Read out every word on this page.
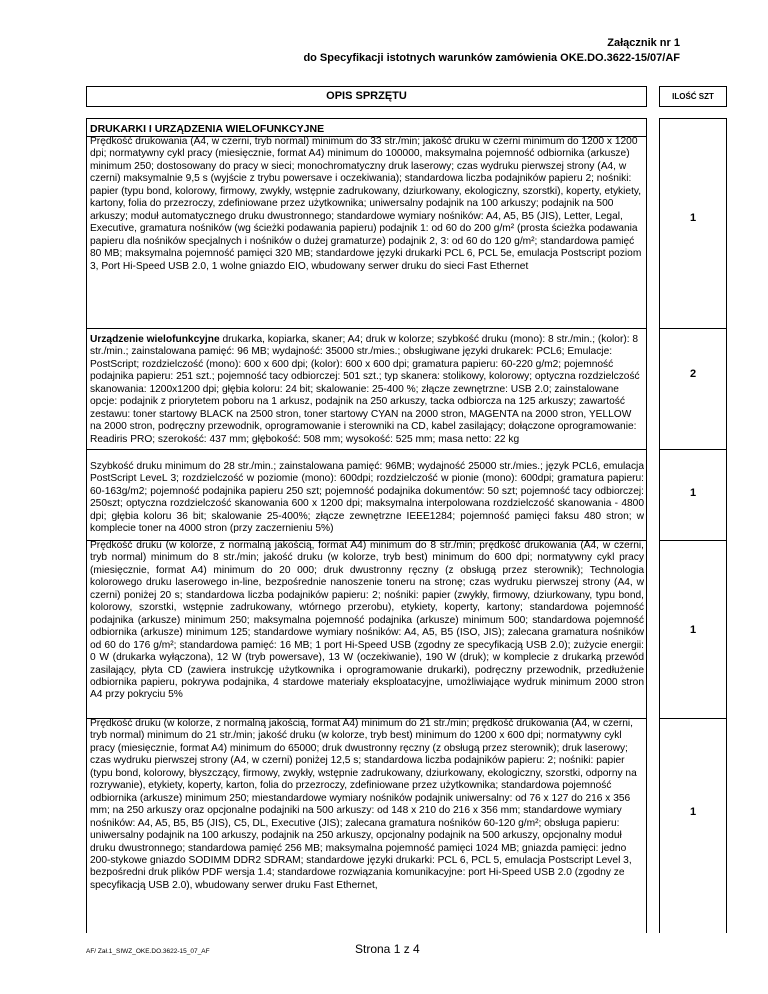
Załącznik nr 1
do Specyfikacji istotnych warunków zamówienia OKE.DO.3622-15/07/AF
OPIS SPRZĘTU	ILOŚĆ SZT
DRUKARKI I URZĄDZENIA WIELOFUNKCYJNE
Prędkość drukowania (A4, w czerni, tryb normal) minimum do 33 str./min; jakość druku w czerni minimum do 1200 x 1200 dpi; normatywny cykl pracy (miesięcznie, format A4) minimum do 100000, maksymalna pojemność odbiornika (arkusze) minimum 250; dostosowany do pracy w sieci; monochromatyczny druk laserowy; czas wydruku pierwszej strony (A4, w czerni) maksymalnie 9,5 s (wyjście z trybu powersave i oczekiwania); standardowa liczba podajników papieru 2; nośniki: papier (typu bond, kolorowy, firmowy, zwykły, wstępnie zadrukowany, dziurkowany, ekologiczny, szorstki), koperty, etykiety, kartony, folia do przezroczy, zdefiniowane przez użytkownika; uniwersalny podajnik na 100 arkuszy; podajnik na 500 arkuszy; moduł automatycznego druku dwustronnego; standardowe wymiary nośników: A4, A5, B5 (JIS), Letter, Legal, Executive, gramatura nośników (wg ścieżki podawania papieru) podajnik 1: od 60 do 200 g/m² (prosta ścieżka podawania papieru dla nośników specjalnych i nośników o dużej gramaturze) podajnik 2, 3: od 60 do 120 g/m²; standardowa pamięć 80 MB; maksymalna pojemność pamięci 320 MB; standardowe języki drukarki PCL 6, PCL 5e, emulacja Postscript poziom 3, Port Hi-Speed USB 2.0, 1 wolne gniazdo EIO, wbudowany serwer druku do sieci Fast Ethernet
1
Urządzenie wielofunkcyjne drukarka, kopiarka, skaner; A4; druk w kolorze; szybkość druku (mono): 8 str./min.; (kolor): 8 str./min.; zainstalowana pamięć: 96 MB; wydajność: 35000 str./mies.; obsługiwane języki drukarek: PCL6; Emulacje: PostScript; rozdzielczość (mono): 600 x 600 dpi; (kolor): 600 x 600 dpi; gramatura papieru: 60-220 g/m2; pojemność podajnika papieru: 251 szt.; pojemność tacy odbiorczej: 501 szt.; typ skanera: stolikowy, kolorowy; optyczna rozdzielczość skanowania: 1200x1200 dpi; głębia koloru: 24 bit; skalowanie: 25-400 %; złącze zewnętrzne: USB 2.0; zainstalowane opcje: podajnik z priorytetem poboru na 1 arkusz, podajnik na 250 arkuszy, tacka odbiorcza na 125 arkuszy; zawartość zestawu: toner startowy BLACK na 2500 stron, toner startowy CYAN na 2000 stron, MAGENTA na 2000 stron, YELLOW na 2000 stron, podręczny przewodnik, oprogramowanie i sterowniki na CD, kabel zasilający; dołączone oprogramowanie: Readiris PRO; szerokość: 437 mm; głębokość: 508 mm; wysokość: 525 mm; masa netto: 22 kg
2
Szybkość druku minimum do 28 str./min.; zainstalowana pamięć: 96MB; wydajność 25000 str./mies.; język PCL6, emulacja PostScript LeveL 3; rozdzielczość w poziomie (mono): 600dpi; rozdzielczość w pionie (mono): 600dpi; gramatura papieru: 60-163g/m2; pojemność podajnika papieru 250 szt; pojemność podajnika dokumentów: 50 szt; pojemność tacy odbiorczej: 250szt; optyczna rozdzielczość skanowania 600 x 1200 dpi; maksymalna interpolowana rozdzielczość skanowania - 4800 dpi; głębia koloru 36 bit; skalowanie 25-400%; złącze zewnętrzne IEEE1284; pojemność pamięci faksu 480 stron; w komplecie toner na 4000 stron (przy zaczernieniu 5%)
1
Prędkość druku (w kolorze, z normalną jakością, format A4) minimum do 8 str./min; prędkość drukowania (A4, w czerni, tryb normal) minimum do 8 str./min; jakość druku (w kolorze, tryb best) minimum do 600 dpi; normatywny cykl pracy (miesięcznie, format A4) minimum do 20 000; druk dwustronny ręczny (z obsługą przez sterownik); Technologia kolorowego druku laserowego in-line, bezpośrednie nanoszenie toneru na stronę; czas wydruku pierwszej strony (A4, w czerni) poniżej 20 s; standardowa liczba podajników papieru: 2; nośniki: papier (zwykły, firmowy, dziurkowany, typu bond, kolorowy, szorstki, wstępnie zadrukowany, wtórnego przerobu), etykiety, koperty, kartony; standardowa pojemność podajnika (arkusze) minimum 250; maksymalna pojemność podajnika (arkusze) minimum 500; standardowa pojemność odbiornika (arkusze) minimum 125; standardowe wymiary nośników: A4, A5, B5 (ISO, JIS); zalecana gramatura nośników od 60 do 176 g/m²; standardowa pamięć: 16 MB; 1 port Hi-Speed USB (zgodny ze specyfikacją USB 2.0); zużycie energii: 0 W (drukarka wyłączona), 12 W (tryb powersave), 13 W (oczekiwanie), 190 W (druk); w komplecie z drukarką przewód zasilający, płyta CD (zawiera instrukcję użytkownika i oprogramowanie drukarki), podręczny przewodnik, przedłużenie odbiornika papieru, pokrywa podajnika, 4 stardowe materiały eksploatacyjne, umożliwiające wydruk minimum 2000 stron A4 przy pokryciu 5%
1
Prędkość druku (w kolorze, z normalną jakością, format A4) minimum do 21 str./min; prędkość drukowania (A4, w czerni, tryb normal) minimum do 21 str./min; jakość druku (w kolorze, tryb best) minimum do 1200 x 600 dpi; normatywny cykl pracy (miesięcznie, format A4) minimum do 65000; druk dwustronny ręczny (z obsługą przez sterownik); druk laserowy; czas wydruku pierwszej strony (A4, w czerni) poniżej 12,5 s; standardowa liczba podajników papieru: 2; nośniki: papier (typu bond, kolorowy, błyszczący, firmowy, zwykły, wstępnie zadrukowany, dziurkowany, ekologiczny, szorstki, odporny na rozrywanie), etykiety, koperty, karton, folia do przezroczy, zdefiniowane przez użytkownika; standardowa pojemność odbiornika (arkusze) minimum 250; miestandardowe wymiary nośników podajnik uniwersalny: od 76 x 127 do 216 x 356 mm; na 250 arkuszy oraz opcjonalne podajniki na 500 arkuszy: od 148 x 210 do 216 x 356 mm; standardowe wymiary nośników: A4, A5, B5, B5 (JIS), C5, DL, Executive (JIS); zalecana gramatura nośników 60-120 g/m²; obsługa papieru: uniwersalny podajnik na 100 arkuszy, podajnik na 250 arkuszy, opcjonalny podajnik na 500 arkuszy, opcjonalny moduł druku dwustronnego; standardowa pamięć 256 MB; maksymalna pojemność pamięci 1024 MB; gniazda pamięci: jedno 200-stykowe gniazdo SODIMM DDR2 SDRAM; standardowe języki drukarki: PCL 6, PCL 5, emulacja Postscript Level 3, bezpośredni druk plików PDF wersja 1.4; standardowe rozwiązania komunikacyjne: port Hi-Speed USB 2.0 (zgodny ze specyfikacją USB 2.0), wbudowany serwer druku Fast Ethernet,
1
AF/ Zał.1_SIWZ_OKE.DO.3622-15_07_AF	Strona 1 z 4
